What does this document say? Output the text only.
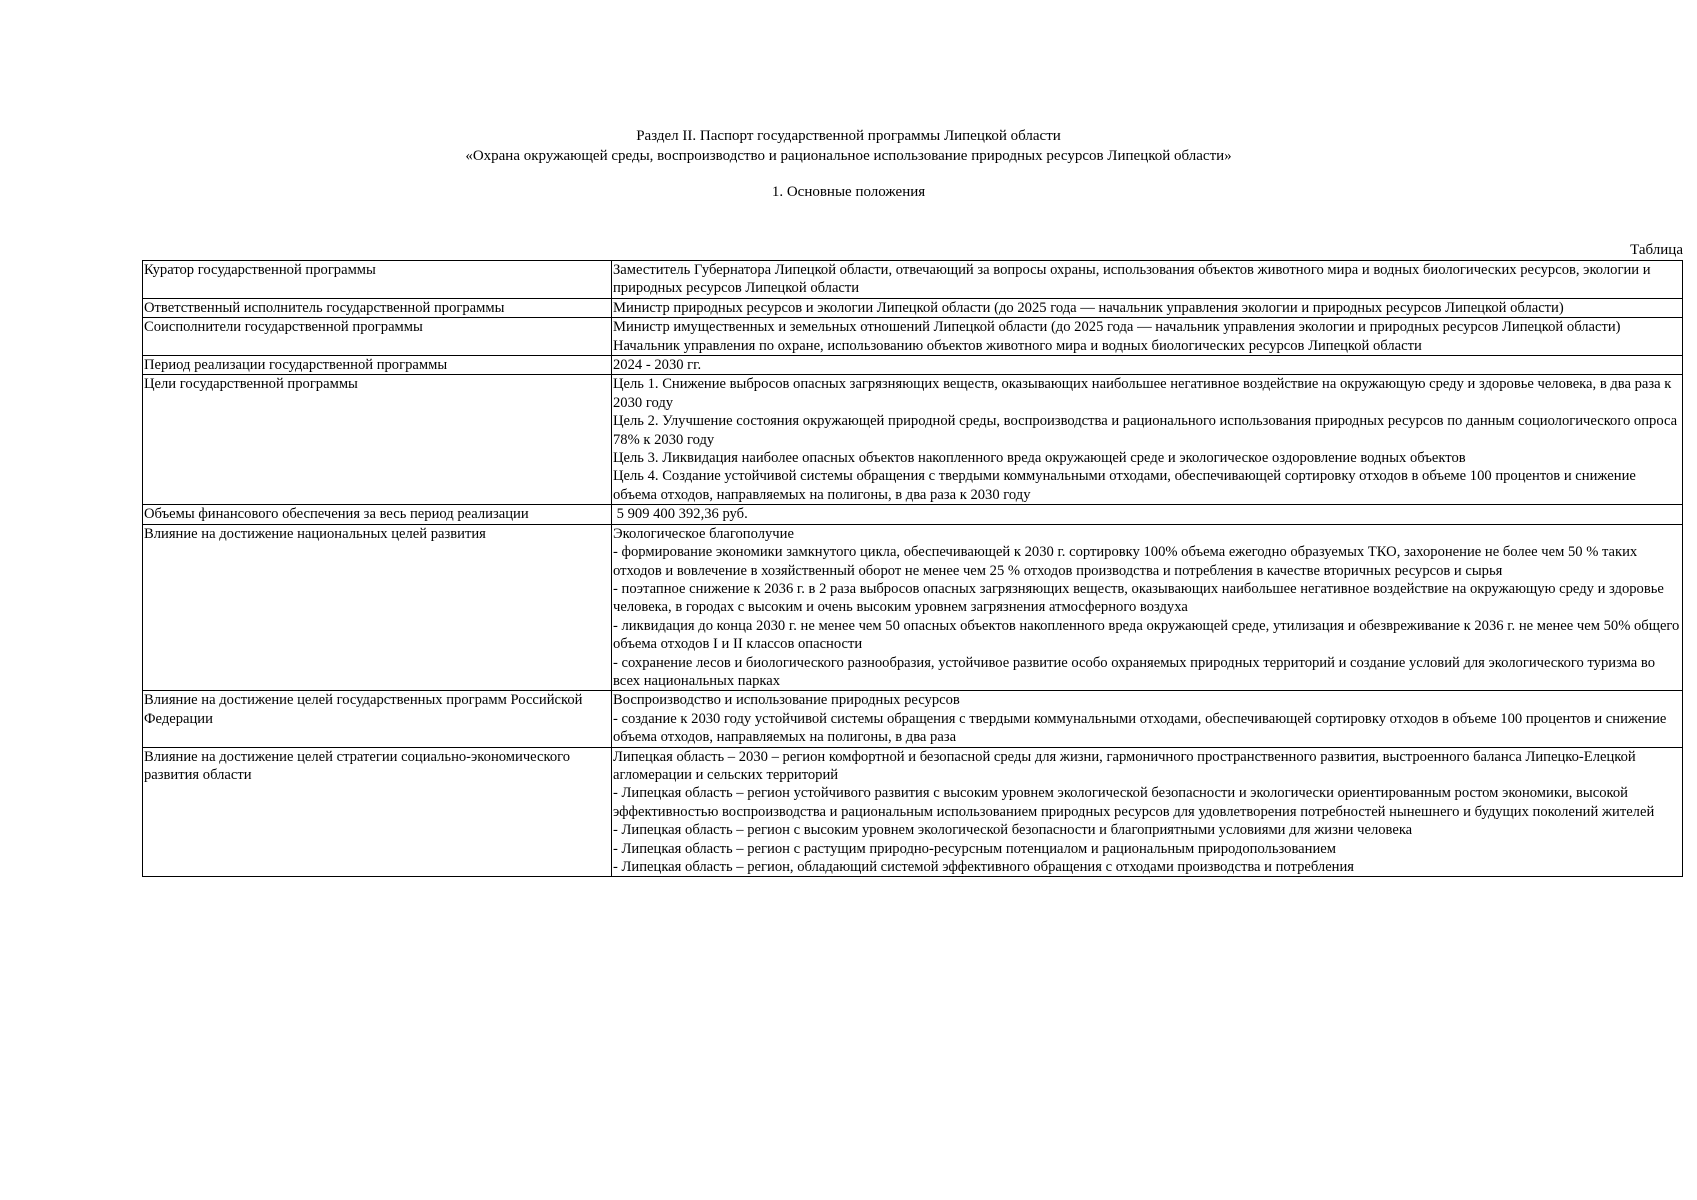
Раздел II. Паспорт государственной программы Липецкой области
«Охрана окружающей среды, воспроизводство и рациональное использование природных ресурсов Липецкой области»
1. Основные положения
Таблица
Куратор государственной программы	Заместитель Губернатора Липецкой области, отвечающий за вопросы охраны, использования объектов животного мира и водных биологических ресурсов, экологии и природных ресурсов Липецкой области

Ответственный исполнитель государственной программы	Министр природных ресурсов и экологии Липецкой области (до 2025 года — начальник управления экологии и природных ресурсов Липецкой области)

Соисполнители государственной программы	Министр имущественных и земельных отношений Липецкой области (до 2025 года — начальник управления экологии и природных ресурсов Липецкой области)
Начальник управления по охране, использованию объектов животного мира и водных биологических ресурсов Липецкой области

Период реализации государственной программы	2024 - 2030 гг.

Цели государственной программы	Цель 1. Снижение выбросов опасных загрязняющих веществ, оказывающих наибольшее негативное воздействие на окружающую среду и здоровье человека, в два раза к 2030 году
Цель 2. Улучшение состояния окружающей природной среды, воспроизводства и рационального использования природных ресурсов по данным социологического опроса 78% к 2030 году
Цель 3. Ликвидация наиболее опасных объектов накопленного вреда окружающей среде и экологическое оздоровление водных объектов
Цель 4. Создание устойчивой системы обращения с твердыми коммунальными отходами, обеспечивающей сортировку отходов в объеме 100 процентов и снижение объема отходов, направляемых на полигоны, в два раза к 2030 году

Объемы финансового обеспечения за весь период реализации	5 909 400 392,36 руб.

Влияние на достижение национальных целей развития	Экологическое благополучие
- формирование экономики замкнутого цикла, обеспечивающей к 2030 г. сортировку 100% объема ежегодно образуемых ТКО, захоронение не более чем 50 % таких отходов и вовлечение в хозяйственный оборот не менее чем 25 % отходов производства и потребления в качестве вторичных ресурсов и сырья
- поэтапное снижение к 2036 г. в 2 раза выбросов опасных загрязняющих веществ, оказывающих наибольшее негативное воздействие на окружающую среду и здоровье человека, в городах с высоким и очень высоким уровнем загрязнения атмосферного воздуха
- ликвидация до конца 2030 г. не менее чем 50 опасных объектов накопленного вреда окружающей среде, утилизация и обезвреживание к 2036 г. не менее чем 50% общего объема отходов I и II классов опасности
- сохранение лесов и биологического разнообразия, устойчивое развитие особо охраняемых природных территорий и создание условий для экологического туризма во всех национальных парках

Влияние на достижение целей государственных программ Российской Федерации	Воспроизводство и использование природных ресурсов
- создание к 2030 году устойчивой системы обращения с твердыми коммунальными отходами, обеспечивающей сортировку отходов в объеме 100 процентов и снижение объема отходов, направляемых на полигоны, в два раза

Влияние на достижение целей стратегии социально-экономического развития области	Липецкая область – 2030 – регион комфортной и безопасной среды для жизни, гармоничного пространственного развития, выстроенного баланса Липецко-Елецкой агломерации и сельских территорий
- Липецкая область – регион устойчивого развития с высоким уровнем экологической безопасности и экологически ориентированным ростом экономики, высокой эффективностью воспроизводства и рациональным использованием природных ресурсов для удовлетворения потребностей нынешнего и будущих поколений жителей
- Липецкая область – регион с высоким уровнем экологической безопасности и благоприятными условиями для жизни человека
- Липецкая область – регион с растущим природно-ресурсным потенциалом и рациональным природопользованием
- Липецкая область – регион, обладающий системой эффективного обращения с отходами производства и потребления
